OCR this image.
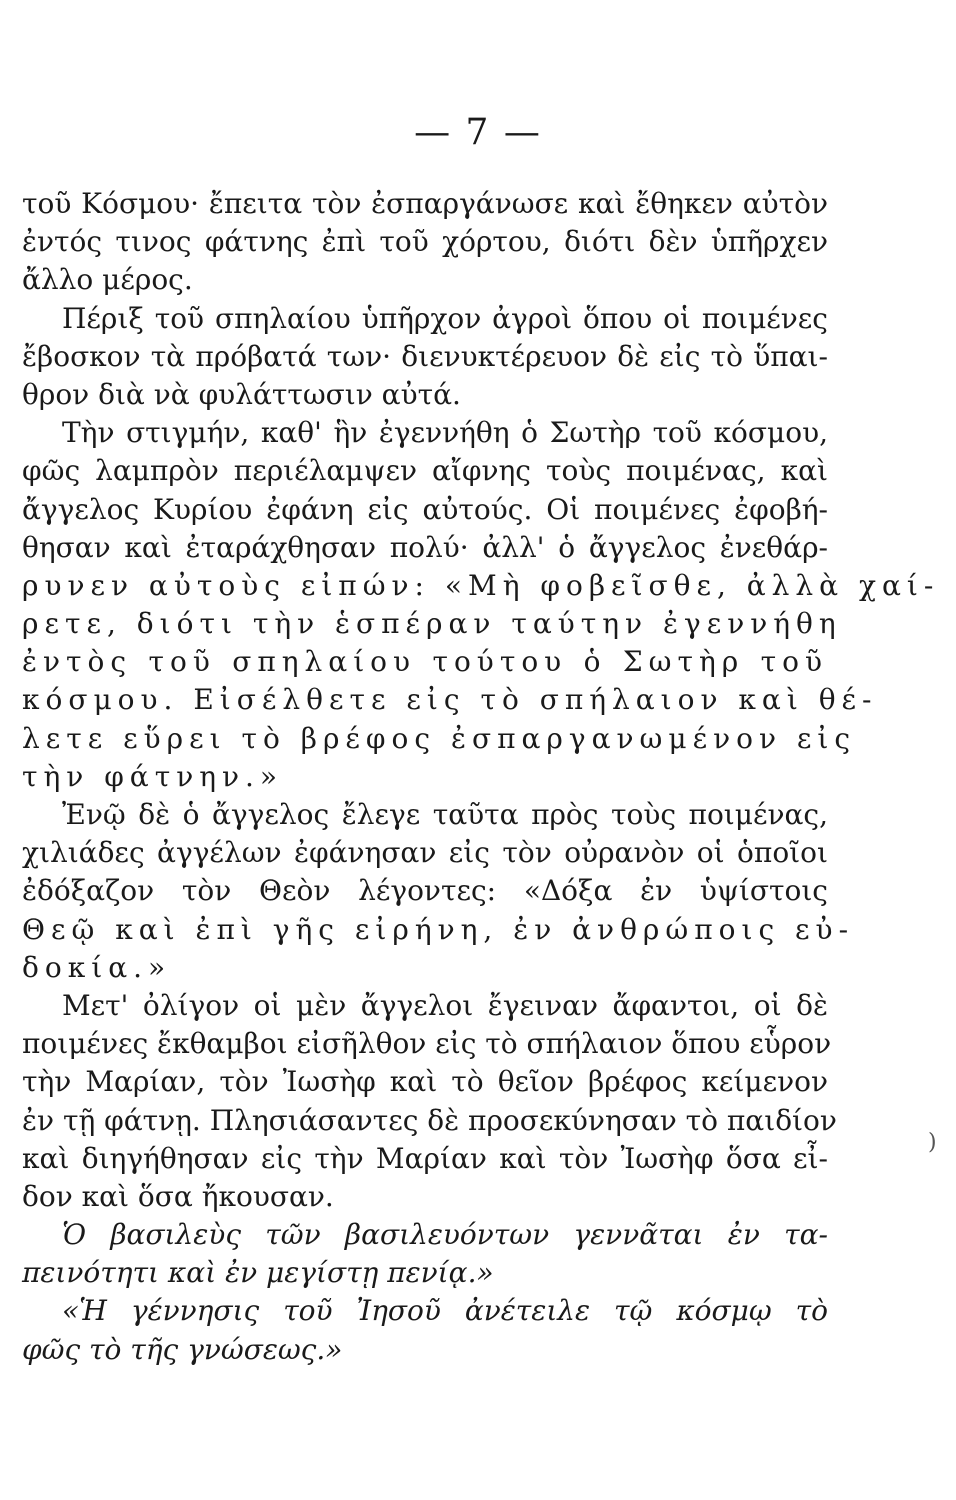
— 7 —
τοῦ Κόσμου· ἔπειτα τὸν ἐσπαργάνωσε καὶ ἔθηκεν αὐτὸν
ἐντός τινος φάτνης ἐπὶ τοῦ χόρτου, διότι δὲν ὑπῆρχεν
ἄλλο μέρος.
Πέριξ τοῦ σπηλαίου ὑπῆρχον ἀγροὶ ὅπου οἱ ποιμένες
ἔβοσκον τὰ πρόβατά των· διενυκτέρευον δὲ εἰς τὸ ὕπαι-
θρον διὰ νὰ φυλάττωσιν αὐτά.
Τὴν στιγμήν, καθ' ἣν ἐγεννήθη ὁ Σωτὴρ τοῦ κόσμου,
φῶς λαμπρὸν περιέλαμψεν αἴφνης τοὺς ποιμένας, καὶ
ἄγγελος Κυρίου ἐφάνη εἰς αὐτούς. Οἱ ποιμένες ἐφοβή-
θησαν καὶ ἐταράχθησαν πολύ· ἀλλ' ὁ ἄγγελος ἐνεθάρ-
ρυνεν αὐτοὺς εἰπών: «Μὴ φοβεῖσθε, ἀλλὰ χαί-
ρετε, διότι τὴν ἑσπέραν ταύτην ἐγεννήθη
ἐντὸς τοῦ σπηλαίου τούτου ὁ Σωτὴρ τοῦ
κόσμου. Εἰσέλθετε εἰς τὸ σπήλαιον καὶ θέ-
λετε εὕρει τὸ βρέφος ἐσπαργανωμένον εἰς
τὴν φάτνην.»
Ἐνῷ δὲ ὁ ἄγγελος ἔλεγε ταῦτα πρὸς τοὺς ποιμένας,
χιλιάδες ἀγγέλων ἐφάνησαν εἰς τὸν οὐρανὸν οἱ ὁποῖοι
ἐδόξαζον τὸν Θεὸν λέγοντες: «Δόξα ἐν ὑψίστοις
Θεῷ καὶ ἐπὶ γῆς εἰρήνη, ἐν ἀνθρώποις εὐ-
δοκία.»
Μετ' ὀλίγον οἱ μὲν ἄγγελοι ἔγειναν ἄφαντοι, οἱ δὲ
ποιμένες ἔκθαμβοι εἰσῆλθον εἰς τὸ σπήλαιον ὅπου εὗρον
τὴν Μαρίαν, τὸν Ἰωσὴφ καὶ τὸ θεῖον βρέφος κείμενον
ἐν τῇ φάτνῃ. Πλησιάσαντες δὲ προσεκύνησαν τὸ παιδίον
καὶ διηγήθησαν εἰς τὴν Μαρίαν καὶ τὸν Ἰωσὴφ ὅσα εἶ-
δον καὶ ὅσα ἤκουσαν.
Ὁ βασιλεὺς τῶν βασιλευόντων γεννᾶται ἐν τα-
πεινότητι καὶ ἐν μεγίστῃ πενίᾳ.»
«Ἡ γέννησις τοῦ Ἰησοῦ ἀνέτειλε τῷ κόσμῳ τὸ
φῶς τὸ τῆς γνώσεως.»
)
